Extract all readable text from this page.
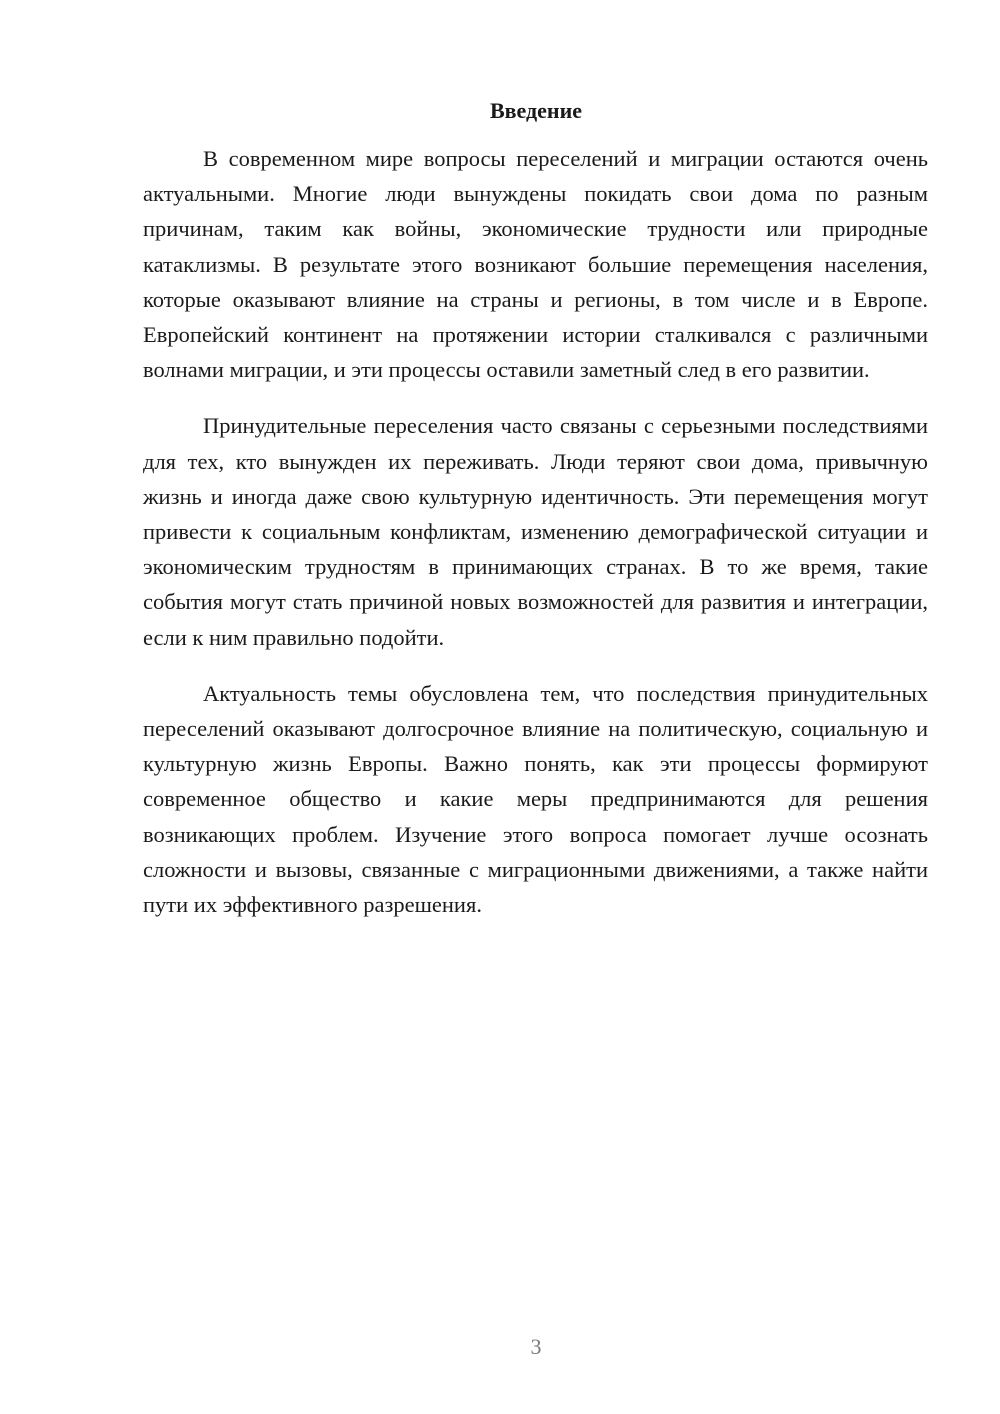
Введение

В современном мире вопросы переселений и миграции остаются очень актуальными. Многие люди вынуждены покидать свои дома по разным причинам, таким как войны, экономические трудности или природные катаклизмы. В результате этого возникают большие перемещения населения, которые оказывают влияние на страны и регионы, в том числе и в Европе. Европейский континент на протяжении истории сталкивался с различными волнами миграции, и эти процессы оставили заметный след в его развитии.

Принудительные переселения часто связаны с серьезными последствиями для тех, кто вынужден их переживать. Люди теряют свои дома, привычную жизнь и иногда даже свою культурную идентичность. Эти перемещения могут привести к социальным конфликтам, изменению демографической ситуации и экономическим трудностям в принимающих странах. В то же время, такие события могут стать причиной новых возможностей для развития и интеграции, если к ним правильно подойти.

Актуальность темы обусловлена тем, что последствия принудительных переселений оказывают долгосрочное влияние на политическую, социальную и культурную жизнь Европы. Важно понять, как эти процессы формируют современное общество и какие меры предпринимаются для решения возникающих проблем. Изучение этого вопроса помогает лучше осознать сложности и вызовы, связанные с миграционными движениями, а также найти пути их эффективного разрешения.

3
